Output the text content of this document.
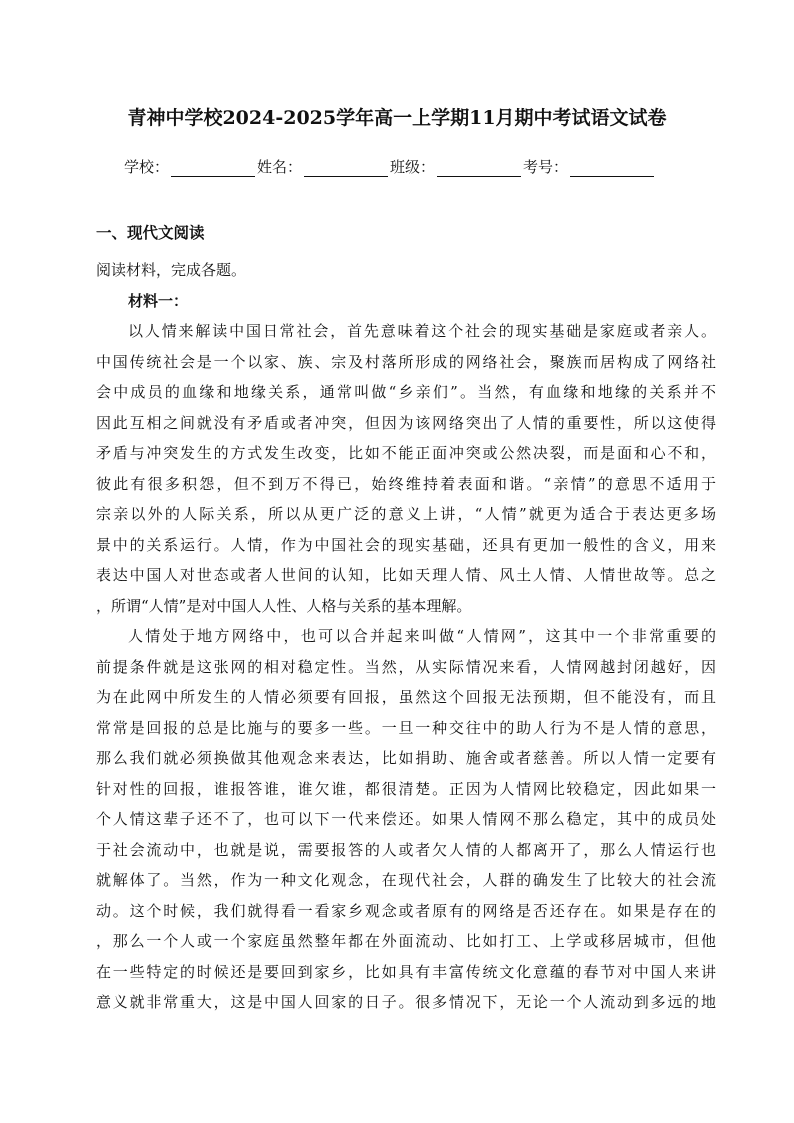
青神中学校2024-2025学年高一上学期11月期中考试语文试卷
学校：	姓名：	班级：	考号：
一、现代文阅读
阅读材料，完成各题。
材料一：
以人情来解读中国日常社会，首先意味着这个社会的现实基础是家庭或者亲人。
中国传统社会是一个以家、族、宗及村落所形成的网络社会，聚族而居构成了网络社
会中成员的血缘和地缘关系，通常叫做“乡亲们”。当然，有血缘和地缘的关系并不
因此互相之间就没有矛盾或者冲突，但因为该网络突出了人情的重要性，所以这使得
矛盾与冲突发生的方式发生改变，比如不能正面冲突或公然决裂，而是面和心不和，
彼此有很多积怨，但不到万不得已，始终维持着表面和谐。“亲情”的意思不适用于
宗亲以外的人际关系，所以从更广泛的意义上讲，“人情”就更为适合于表达更多场
景中的关系运行。人情，作为中国社会的现实基础，还具有更加一般性的含义，用来
表达中国人对世态或者人世间的认知，比如天理人情、风土人情、人情世故等。总之
，所谓“人情”是对中国人人性、人格与关系的基本理解。
人情处于地方网络中，也可以合并起来叫做“人情网”，这其中一个非常重要的
前提条件就是这张网的相对稳定性。当然，从实际情况来看，人情网越封闭越好，因
为在此网中所发生的人情必须要有回报，虽然这个回报无法预期，但不能没有，而且
常常是回报的总是比施与的要多一些。一旦一种交往中的助人行为不是人情的意思，
那么我们就必须换做其他观念来表达，比如捐助、施舍或者慈善。所以人情一定要有
针对性的回报，谁报答谁，谁欠谁，都很清楚。正因为人情网比较稳定，因此如果一
个人情这辈子还不了，也可以下一代来偿还。如果人情网不那么稳定，其中的成员处
于社会流动中，也就是说，需要报答的人或者欠人情的人都离开了，那么人情运行也
就解体了。当然，作为一种文化观念，在现代社会，人群的确发生了比较大的社会流
动。这个时候，我们就得看一看家乡观念或者原有的网络是否还存在。如果是存在的
，那么一个人或一个家庭虽然整年都在外面流动、比如打工、上学或移居城市，但他
在一些特定的时候还是要回到家乡，比如具有丰富传统文化意蕴的春节对中国人来讲
意义就非常重大，这是中国人回家的日子。很多情况下，无论一个人流动到多远的地
